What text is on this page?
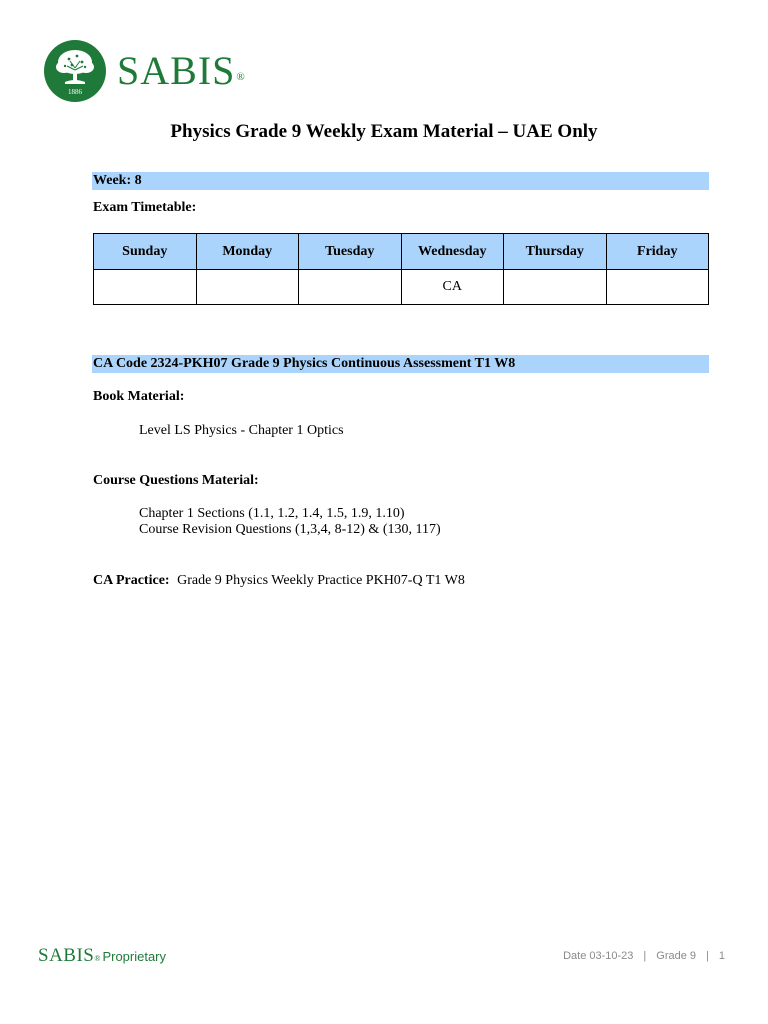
1886 SABIS®
Physics Grade 9 Weekly Exam Material – UAE Only
Week: 8
Exam Timetable:
Sunday	Monday	Tuesday	Wednesday	Thursday	Friday
			CA		
CA Code 2324-PKH07 Grade 9 Physics Continuous Assessment T1 W8
Book Material:
Level LS Physics - Chapter 1 Optics
Course Questions Material:
Chapter 1 Sections (1.1, 1.2, 1.4, 1.5, 1.9, 1.10)
Course Revision Questions (1,3,4, 8-12) & (130, 117)
CA Practice: Grade 9 Physics Weekly Practice PKH07-Q T1 W8
SABIS ® Proprietary	Date 03-10-23 | Grade 9 | 1
